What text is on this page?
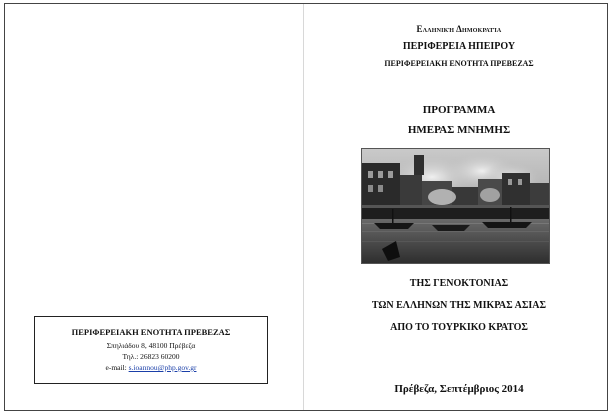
Ελληνική Δημοκρατία
ΠΕΡΙΦΕΡΕΙΑ ΗΠΕΙΡΟΥ
ΠΕΡΙΦΕΡΕΙΑΚΗ ΕΝΟΤΗΤΑ ΠΡΕΒΕΖΑΣ
ΠΡΟΓΡΑΜΜΑ
ΗΜΕΡΑΣ ΜΝΗΜΗΣ
ΤΗΣ ΓΕΝΟΚΤΟΝΙΑΣ
ΤΩΝ ΕΛΛΗΝΩΝ ΤΗΣ ΜΙΚΡΑΣ ΑΣΙΑΣ
ΑΠΟ ΤΟ ΤΟΥΡΚΙΚΟ ΚΡΑΤΟΣ
Πρέβεζα, Σεπτέμβριος 2014
ΠΕΡΙΦΕΡΕΙΑΚΗ ΕΝΟΤΗΤΑ ΠΡΕΒΕΖΑΣ
Σπηλιάδου 8, 48100 Πρέβεζα
Τηλ.: 26823 60200
e-mail: s.ioannou@php.gov.gr
